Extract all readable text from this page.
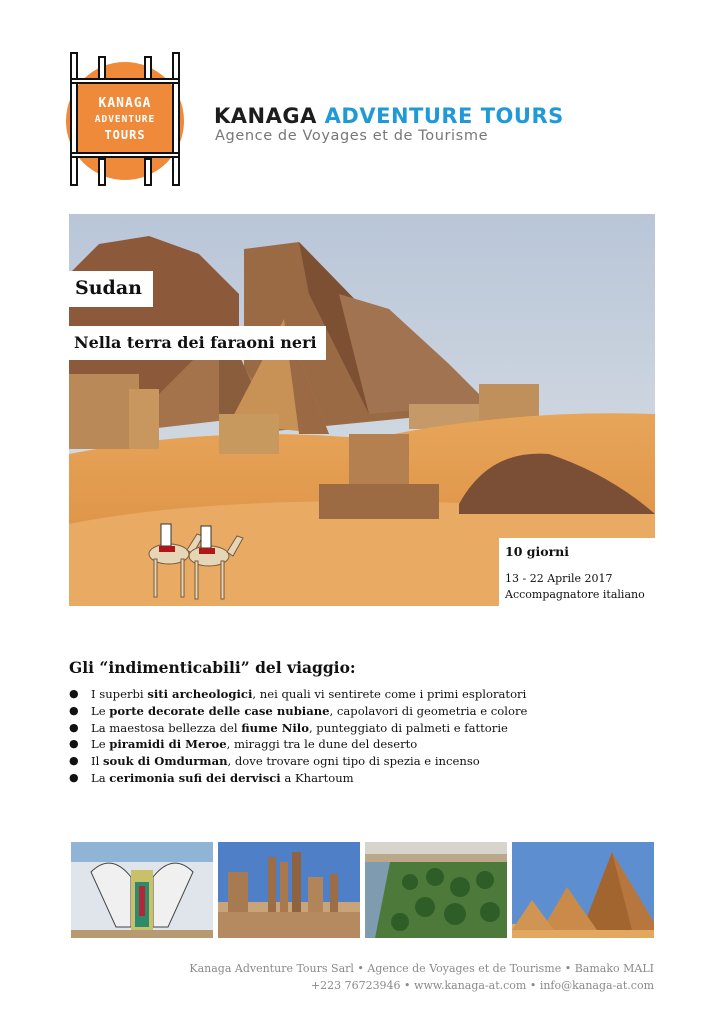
KANAGA
ADVENTURE
TOURS
KANAGA ADVENTURE TOURS
Agence de Voyages et de Tourisme
Sudan
Nella terra dei faraoni neri
10 giorni
13 - 22 Aprile 2017
Accompagnatore italiano
Gli “indimenticabili” del viaggio:
● I superbi siti archeologici, nei quali vi sentirete come i primi esploratori
● Le porte decorate delle case nubiane, capolavori di geometria e colore
● La maestosa bellezza del fiume Nilo, punteggiato di palmeti e fattorie
● Le piramidi di Meroe, miraggi tra le dune del deserto
● Il souk di Omdurman, dove trovare ogni tipo di spezia e incenso
● La cerimonia sufi dei dervisci a Khartoum
Kanaga Adventure Tours Sarl • Agence de Voyages et de Tourisme • Bamako MALI
+223 76723946 • www.kanaga-at.com • info@kanaga-at.com
